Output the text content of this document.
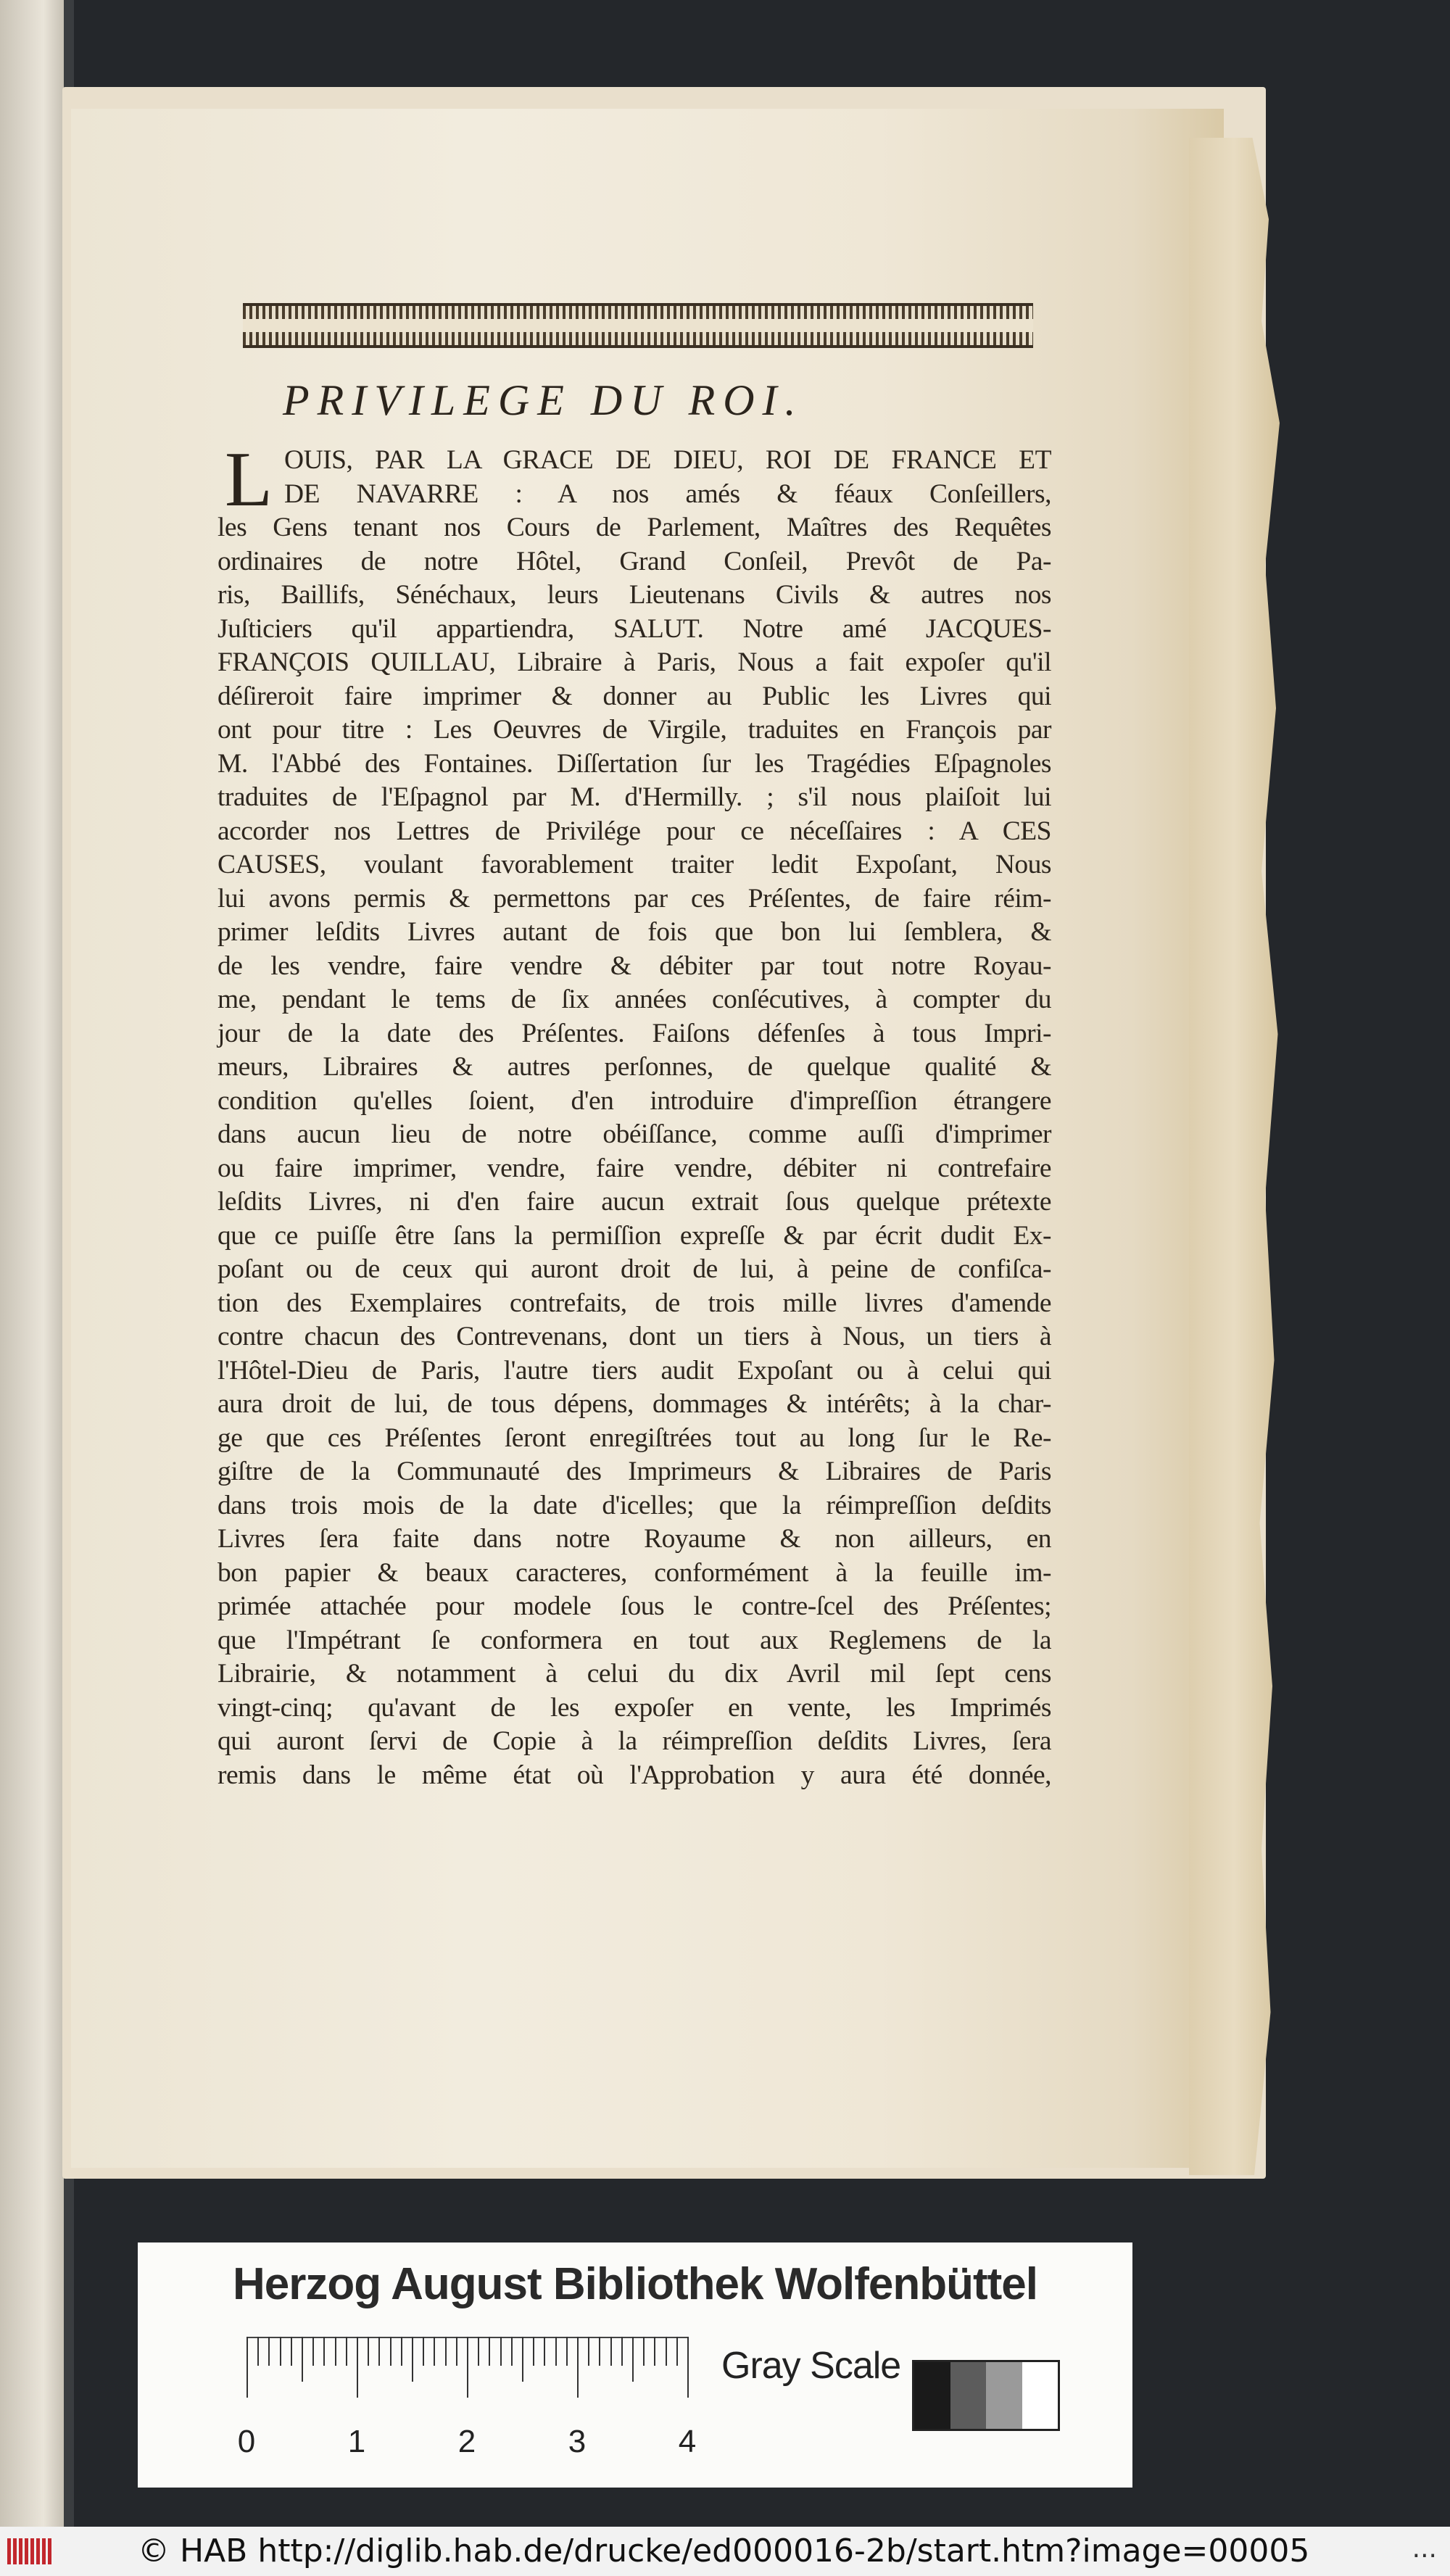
PRIVILEGE DU ROI.
L OUIS, PAR LA GRACE DE DIEU, ROI DE FRANCE ET
DE NAVARRE : A nos amés & féaux Conſeillers,
les Gens tenant nos Cours de Parlement, Maîtres des Requêtes
ordinaires de notre Hôtel, Grand Conſeil, Prevôt de Pa-
ris, Baillifs, Sénéchaux, leurs Lieutenans Civils & autres nos
Juſticiers qu'il appartiendra, SALUT. Notre amé JACQUES-
FRANÇOIS QUILLAU, Libraire à Paris, Nous a fait expoſer qu'il
déſireroit faire imprimer & donner au Public les Livres qui
ont pour titre : Les Oeuvres de Virgile, traduites en François par
M. l'Abbé des Fontaines. Diſſertation ſur les Tragédies Eſpagnoles
traduites de l'Eſpagnol par M. d'Hermilly. ; s'il nous plaiſoit lui
accorder nos Lettres de Privilége pour ce néceſſaires : A CES
CAUSES, voulant favorablement traiter ledit Expoſant, Nous
lui avons permis & permettons par ces Préſentes, de faire réim-
primer leſdits Livres autant de fois que bon lui ſemblera, &
de les vendre, faire vendre & débiter par tout notre Royau-
me, pendant le tems de ſix années conſécutives, à compter du
jour de la date des Préſentes. Faiſons défenſes à tous Impri-
meurs, Libraires & autres perſonnes, de quelque qualité &
condition qu'elles ſoient, d'en introduire d'impreſſion étrangere
dans aucun lieu de notre obéiſſance, comme auſſi d'imprimer
ou faire imprimer, vendre, faire vendre, débiter ni contrefaire
leſdits Livres, ni d'en faire aucun extrait ſous quelque prétexte
que ce puiſſe être ſans la permiſſion expreſſe & par écrit dudit Ex-
poſant ou de ceux qui auront droit de lui, à peine de confiſca-
tion des Exemplaires contrefaits, de trois mille livres d'amende
contre chacun des Contrevenans, dont un tiers à Nous, un tiers à
l'Hôtel-Dieu de Paris, l'autre tiers audit Expoſant ou à celui qui
aura droit de lui, de tous dépens, dommages & intérêts; à la char-
ge que ces Préſentes ſeront enregiſtrées tout au long ſur le Re-
giſtre de la Communauté des Imprimeurs & Libraires de Paris
dans trois mois de la date d'icelles; que la réimpreſſion deſdits
Livres ſera faite dans notre Royaume & non ailleurs, en
bon papier & beaux caracteres, conformément à la feuille im-
primée attachée pour modele ſous le contre-ſcel des Préſentes;
que l'Impétrant ſe conformera en tout aux Reglemens de la
Librairie, & notamment à celui du dix Avril mil ſept cens
vingt-cinq; qu'avant de les expoſer en vente, les Imprimés
qui auront ſervi de Copie à la réimpreſſion deſdits Livres, ſera
remis dans le même état où l'Approbation y aura été donnée,
Herzog August Bibliothek Wolfenbüttel
0	1	2	3	4
Gray Scale
© HAB http://diglib.hab.de/drucke/ed000016-2b/start.htm?image=00005	...
